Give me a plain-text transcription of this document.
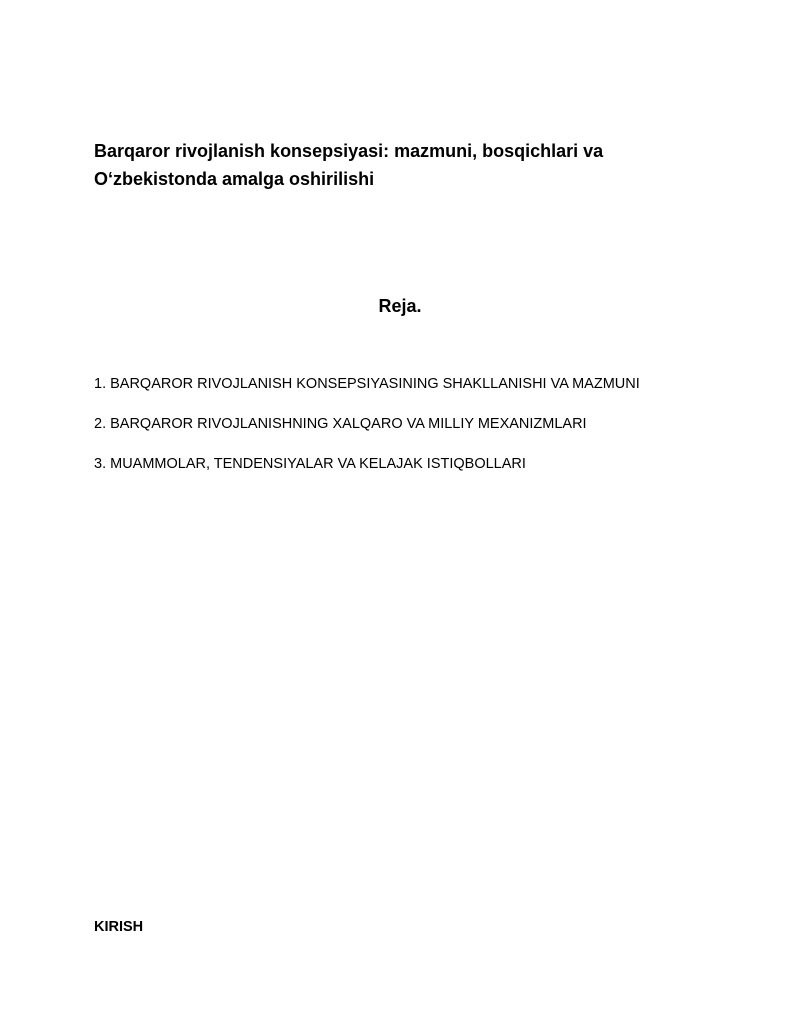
Barqaror rivojlanish konsepsiyasi: mazmuni, bosqichlari va
O‘zbekistonda amalga oshirilishi
Reja.
1. BARQAROR RIVOJLANISH KONSEPSIYASINING SHAKLLANISHI VA MAZMUNI
2. BARQAROR RIVOJLANISHNING XALQARO VA MILLIY MEXANIZMLARI
3. MUAMMOLAR, TENDENSIYALAR VA KELAJAK ISTIQBOLLARI
KIRISH
